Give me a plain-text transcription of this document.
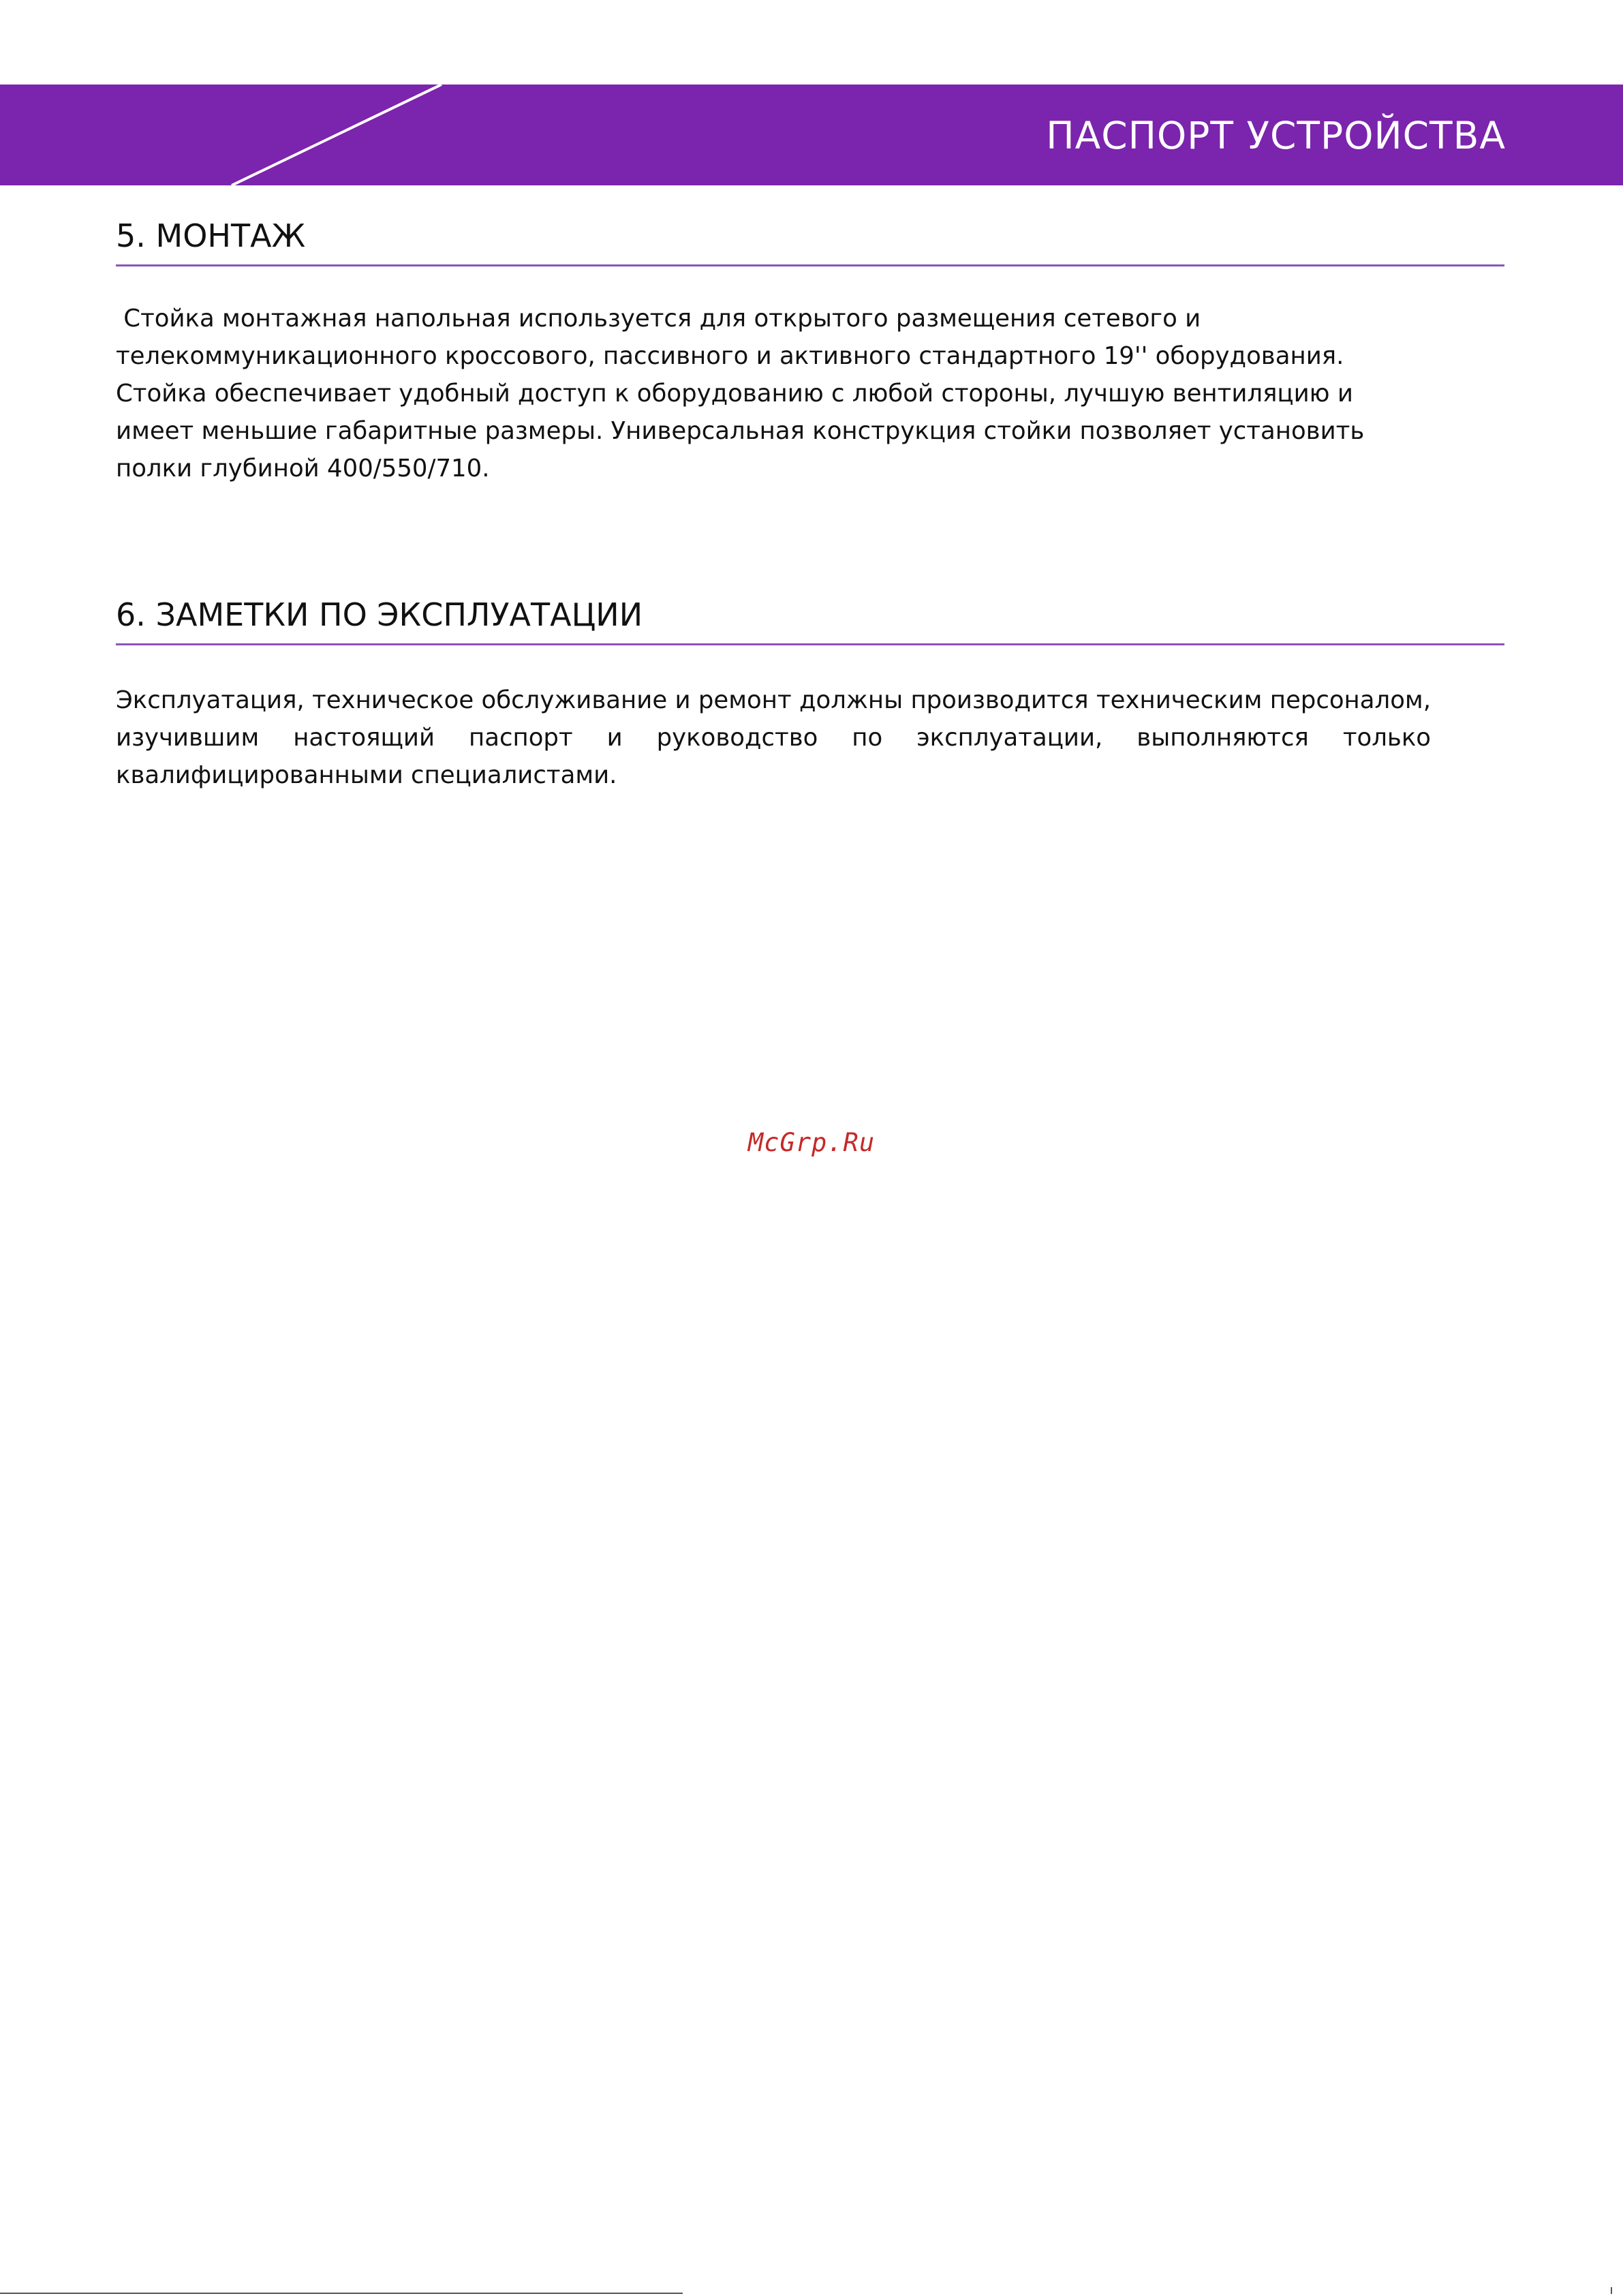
ПАСПОРТ УСТРОЙСТВА
5. МОНТАЖ

Стойка монтажная напольная используется для открытого размещения сетевого и телекоммуникационного кроссового, пассивного и активного стандартного 19'' оборудования. Стойка обеспечивает удобный доступ к оборудованию с любой стороны, лучшую вентиляцию и имеет меньшие габаритные размеры. Универсальная конструкция стойки позволяет установить полки глубиной 400/550/710.

6. ЗАМЕТКИ ПО ЭКСПЛУАТАЦИИ

Эксплуатация, техническое обслуживание и ремонт должны производится техническим персоналом, изучившим настоящий паспорт и руководство по эксплуатации, выполняются только квалифицированными специалистами.

McGrp.Ru
